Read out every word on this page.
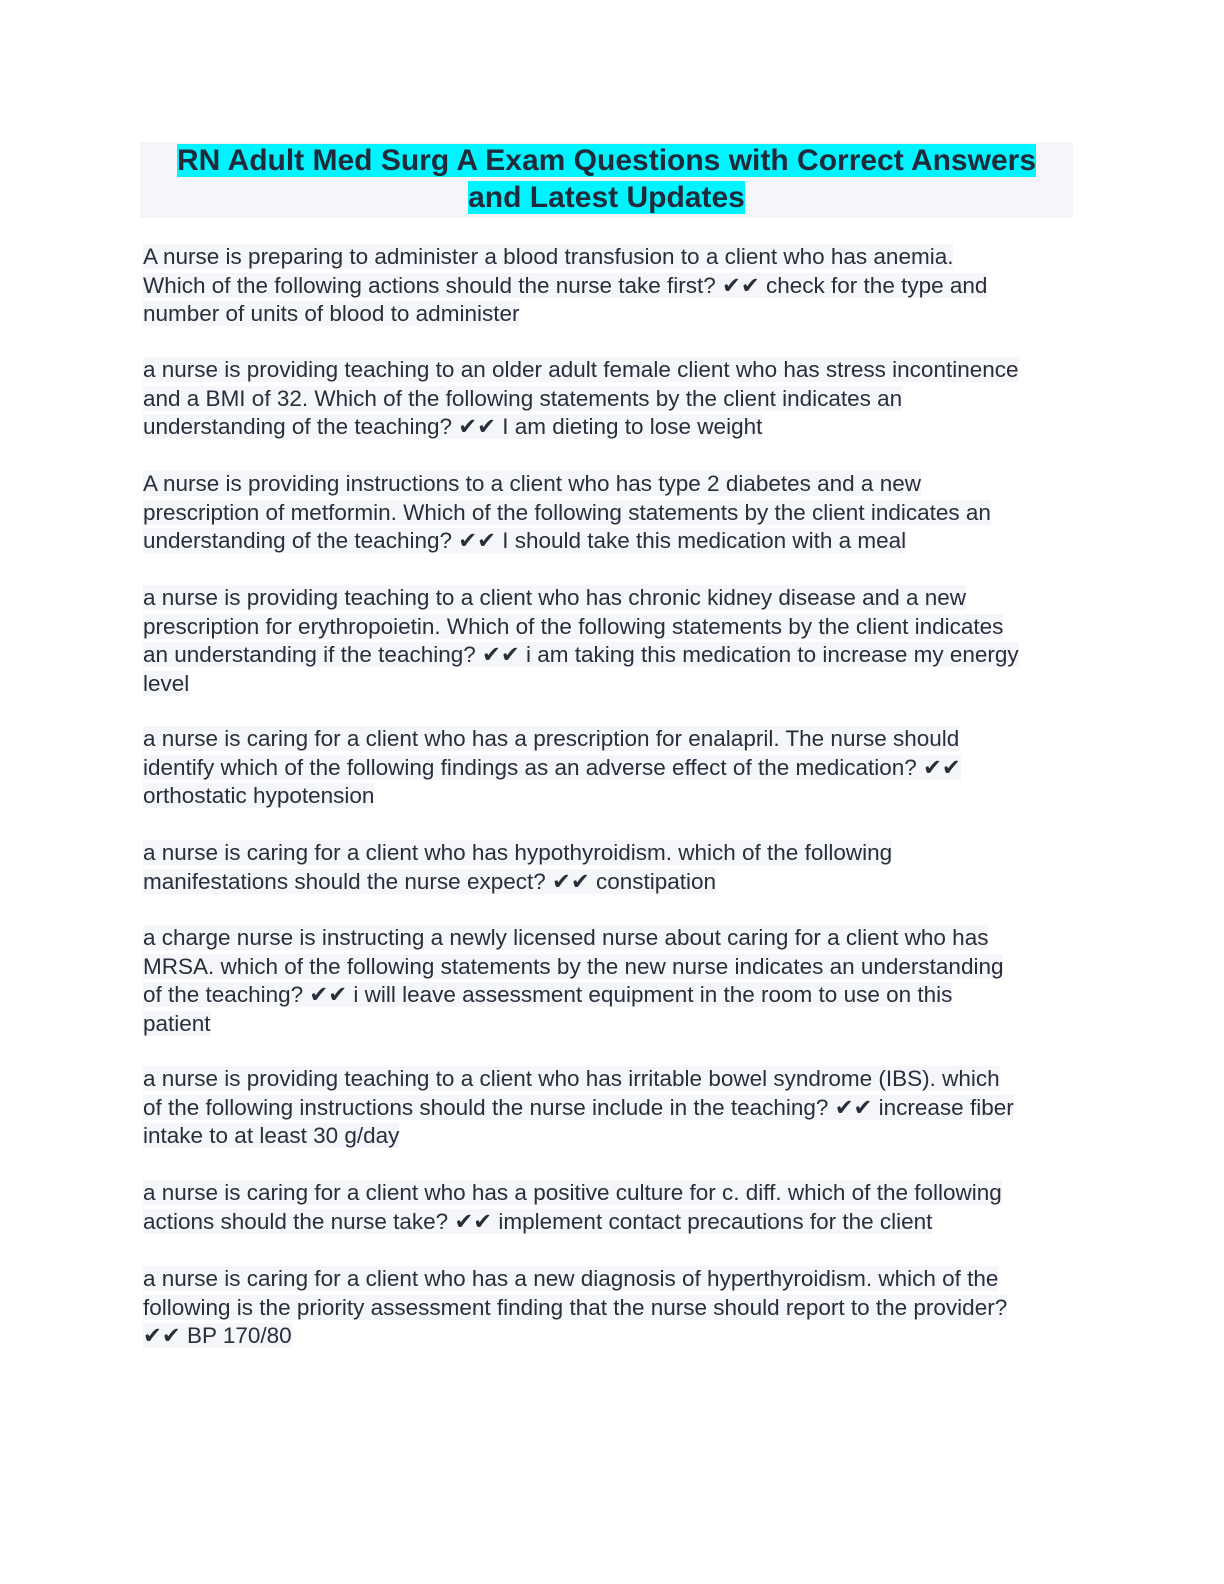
RN Adult Med Surg A Exam Questions with Correct Answers
and Latest Updates

A nurse is preparing to administer a blood transfusion to a client who has anemia.

Which of the following actions should the nurse take first? ✔✔ check for the type and

number of units of blood to administer

a nurse is providing teaching to an older adult female client who has stress incontinence

and a BMI of 32. Which of the following statements by the client indicates an

understanding of the teaching? ✔✔ I am dieting to lose weight

A nurse is providing instructions to a client who has type 2 diabetes and a new

prescription of metformin. Which of the following statements by the client indicates an

understanding of the teaching? ✔✔ I should take this medication with a meal

a nurse is providing teaching to a client who has chronic kidney disease and a new

prescription for erythropoietin. Which of the following statements by the client indicates

an understanding if the teaching? ✔✔ i am taking this medication to increase my energy

level

a nurse is caring for a client who has a prescription for enalapril. The nurse should

identify which of the following findings as an adverse effect of the medication? ✔✔

orthostatic hypotension

a nurse is caring for a client who has hypothyroidism. which of the following

manifestations should the nurse expect? ✔✔ constipation

a charge nurse is instructing a newly licensed nurse about caring for a client who has

MRSA. which of the following statements by the new nurse indicates an understanding

of the teaching? ✔✔ i will leave assessment equipment in the room to use on this

patient

a nurse is providing teaching to a client who has irritable bowel syndrome (IBS). which

of the following instructions should the nurse include in the teaching? ✔✔ increase fiber

intake to at least 30 g/day

a nurse is caring for a client who has a positive culture for c. diff. which of the following

actions should the nurse take? ✔✔ implement contact precautions for the client

a nurse is caring for a client who has a new diagnosis of hyperthyroidism. which of the

following is the priority assessment finding that the nurse should report to the provider?

✔✔ BP 170/80
